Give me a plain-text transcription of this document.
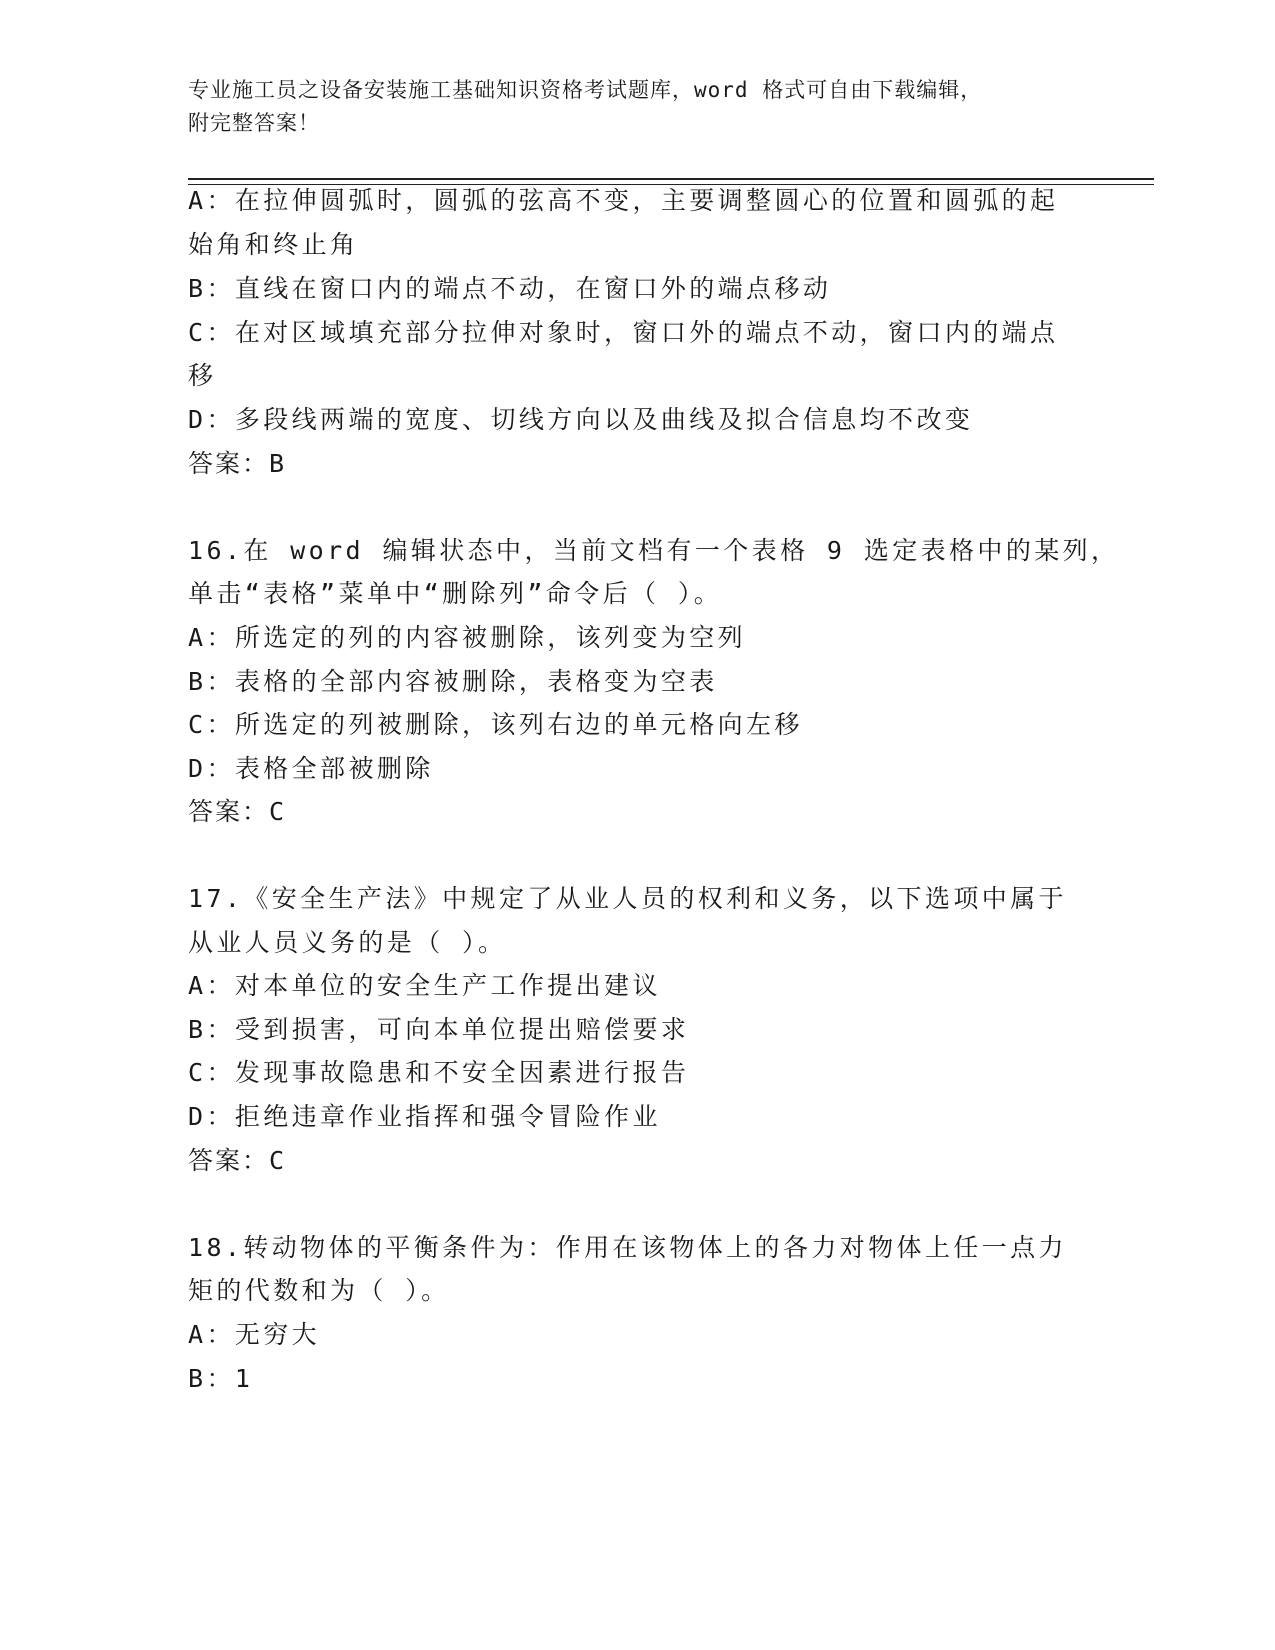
专业施工员之设备安装施工基础知识资格考试题库，word 格式可自由下载编辑，
附完整答案！
A：在拉伸圆弧时，圆弧的弦高不变，主要调整圆心的位置和圆弧的起
始角和终止角
B：直线在窗口内的端点不动，在窗口外的端点移动
C：在对区域填充部分拉伸对象时，窗口外的端点不动，窗口内的端点
移
D：多段线两端的宽度、切线方向以及曲线及拟合信息均不改变
答案：B
16.在 word 编辑状态中，当前文档有一个表格 9 选定表格中的某列，
单击“表格”菜单中“删除列”命令后（ ）。
A：所选定的列的内容被删除，该列变为空列
B：表格的全部内容被删除，表格变为空表
C：所选定的列被删除，该列右边的单元格向左移
D：表格全部被删除
答案：C
17.《安全生产法》中规定了从业人员的权利和义务，以下选项中属于
从业人员义务的是（ ）。
A：对本单位的安全生产工作提出建议
B：受到损害，可向本单位提出赔偿要求
C：发现事故隐患和不安全因素进行报告
D：拒绝违章作业指挥和强令冒险作业
答案：C
18.转动物体的平衡条件为：作用在该物体上的各力对物体上任一点力
矩的代数和为（ ）。
A：无穷大
B：1
